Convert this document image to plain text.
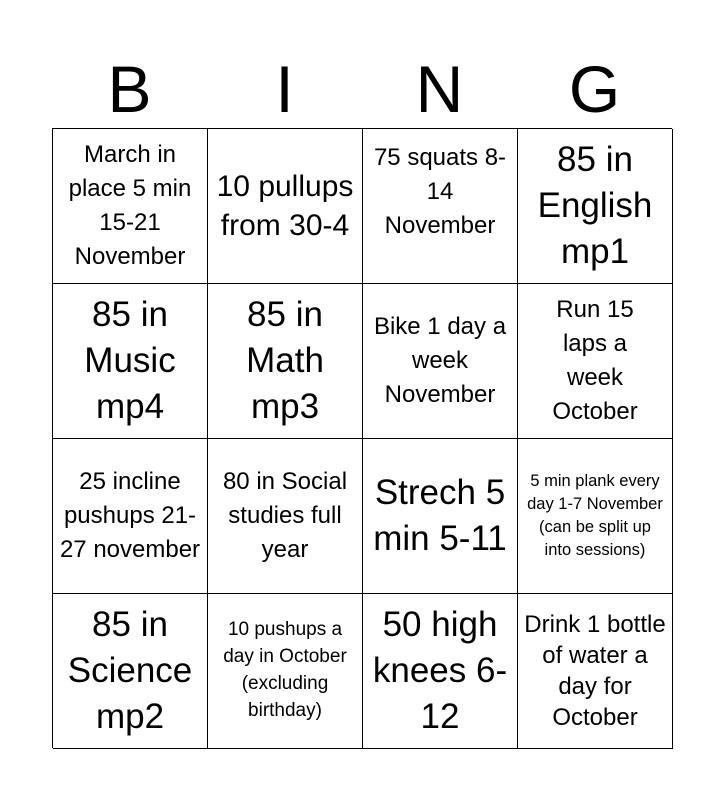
B	I	N	G
March in place 5 min 15-21 November
10 pullups from 30-4
75 squats 8-14 November
85 in English mp1
85 in Music mp4
85 in Math mp3
Bike 1 day a week November
Run 15 laps a week October
25 incline pushups 21-27 november
80 in Social studies full year
Strech 5 min 5-11
5 min plank every day 1-7 November (can be split up into sessions)
85 in Science mp2
10 pushups a day in October (excluding birthday)
50 high knees 6-12
Drink 1 bottle of water a day for October
